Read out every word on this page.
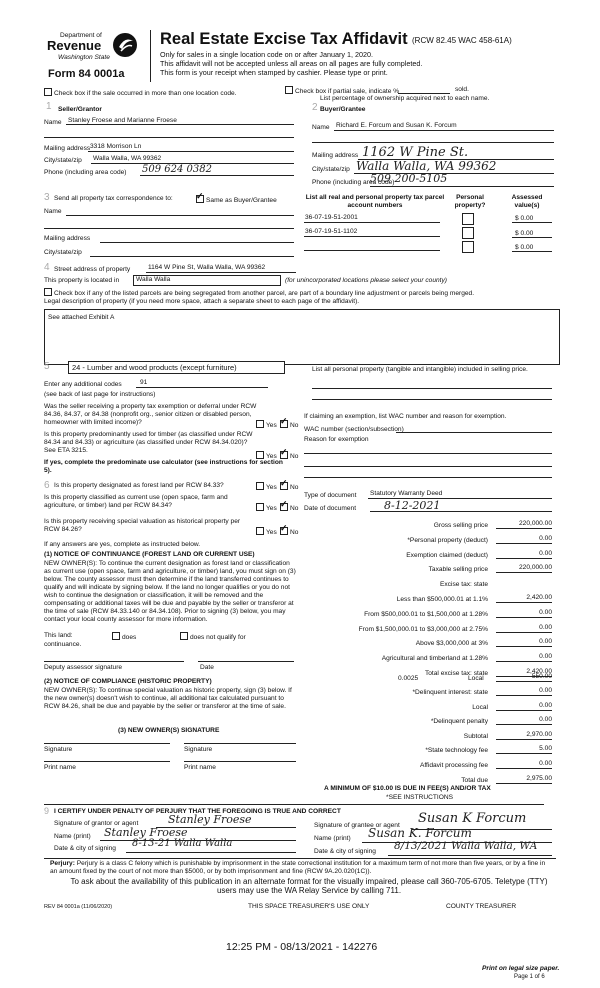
Department of
Revenue
Washington State
Form 84 0001a
Real Estate Excise Tax Affidavit (RCW 82.45 WAC 458-61A)
Only for sales in a single location code on or after January 1, 2020.
This affidavit will not be accepted unless all areas on all pages are fully completed.
This form is your receipt when stamped by cashier. Please type or print.
Check box if the sale occurred in more than one location code.	Check box if partial sale, indicate %	sold.
List percentage of ownership acquired next to each name.
1 Seller/Grantor
Name Stanley Froese and Marianne Froese
Mailing address 3318 Morrison Ln
City/state/zip Walla Walla, WA 99362
Phone (including area code) 509 624 0382
2 Buyer/Grantee
Name Richard E. Forcum and Susan K. Forcum
Mailing address 1162 W Pine St.
City/state/zip Walla Walla, WA 99362
Phone (including area code)
509 200-5105
3 Send all property tax correspondence to: ✓	Same as Buyer/Grantee
Name
Mailing address
City/state/zip
List all real and personal property tax parcel account numbers
Personal property?
Assessed value(s)
36-07-19-51-2001	$ 0.00
36-07-19-51-1102	$ 0.00
$ 0.00
4 Street address of property	1164 W Pine St, Walla Walla, WA 99362
This property is located in	Walla Walla	(for unincorporated locations please select your county)
Check box if any of the listed parcels are being segregated from another parcel, are part of a boundary line adjustment or parcels being merged.
Legal description of property (if you need more space, attach a separate sheet to each page of the affidavit).
See attached Exhibit A
5	24 - Lumber and wood products (except furniture)
Enter any additional codes	91
(see back of last page for instructions)
Was the seller receiving a property tax exemption or deferral under RCW 84.36, 84.37, or 84.38 (nonprofit org., senior citizen or disabled person, homeowner with limited income)?	Yes ✓	No
Is this property predominantly used for timber (as classified under RCW 84.34 and 84.33) or agriculture (as classified under RCW 84.34.020)? See ETA 3215.
Yes ✓	No
If yes, complete the predominate use calculator (see instructions for section 5).
List all personal property (tangible and intangible) included in selling price.
If claiming an exemption, list WAC number and reason for exemption.
WAC number (section/subsection)
Reason for exemption
6 Is this property designated as forest land per RCW 84.33?	Yes ✓	No
Is this property classified as current use (open space, farm and agriculture, or timber) land per RCW 84.34?	Yes ✓	No
Is this property receiving special valuation as historical property per RCW 84.26?	Yes ✓	No
If any answers are yes, complete as instructed below.
(1) NOTICE OF CONTINUANCE (FOREST LAND OR CURRENT USE)
NEW OWNER(S): To continue the current designation as forest land or classification as current use (open space, farm and agriculture, or timber) land, you must sign on (3) below. The county assessor must then determine if the land transferred continues to qualify and will indicate by signing below. If the land no longer qualifies or you do not wish to continue the designation or classification, it will be removed and the compensating or additional taxes will be due and payable by the seller or transferor at the time of sale (RCW 84.33.140 or 84.34.108). Prior to signing (3) below, you may contact your local county assessor for more information.
This land:	does	does not qualify for
continuance.
Deputy assessor signature	Date
(2) NOTICE OF COMPLIANCE (HISTORIC PROPERTY)
NEW OWNER(S): To continue special valuation as historic property, sign (3) below. If the new owner(s) doesn't wish to continue, all additional tax calculated pursuant to RCW 84.26, shall be due and payable by the seller or transferor at the time of sale.
(3) NEW OWNER(S) SIGNATURE
Signature	Signature
Print name	Print name
Type of document Statutory Warranty Deed
Date of document	8-12-2021
Gross selling price	220,000.00
*Personal property (deduct)	0.00
Exemption claimed (deduct)	0.00
Taxable selling price	220,000.00
Excise tax: state
Less than $500,000.01 at 1.1%	2,420.00
From $500,000.01 to $1,500,000 at 1.28%	0.00
From $1,500,000.01 to $3,000,000 at 2.75%	0.00
Above $3,000,000 at 3%	0.00
Agricultural and timberland at 1.28%	0.00
Total excise tax: state	2,420.00
0.0025	Local	550.00
*Delinquent interest: state	0.00
Local	0.00
*Delinquent penalty	0.00
Subtotal	2,970.00
*State technology fee	5.00
Affidavit processing fee	0.00
Total due	2,975.00
A MINIMUM OF $10.00 IS DUE IN FEE(S) AND/OR TAX
*SEE INSTRUCTIONS
9 I CERTIFY UNDER PENALTY OF PERJURY THAT THE FOREGOING IS TRUE AND CORRECT
Signature of grantor or agent	Stanley Froese
Name (print) Stanley Froese
Date & city of signing 8-13-21 Walla Walla
Signature of grantee or agent Susan K Forcum
Name (print) Susan K. Forcum
Date & city of signing 8/13/2021 Walla Walla, WA
Perjury: Perjury is a class C felony which is punishable by imprisonment in the state correctional institution for a maximum term of not more than five years, or by a fine in an amount fixed by the court of not more than $5000, or by both imprisonment and fine (RCW 9A.20.020(1C)).
To ask about the availability of this publication in an alternate format for the visually impaired, please call 360-705-6705. Teletype (TTY) users may use the WA Relay Service by calling 711.
REV 84 0001a (11/06/2020)	THIS SPACE TREASURER'S USE ONLY	COUNTY TREASURER
12:25 PM - 08/13/2021 - 142276
Print on legal size paper.
Page 1 of 6
